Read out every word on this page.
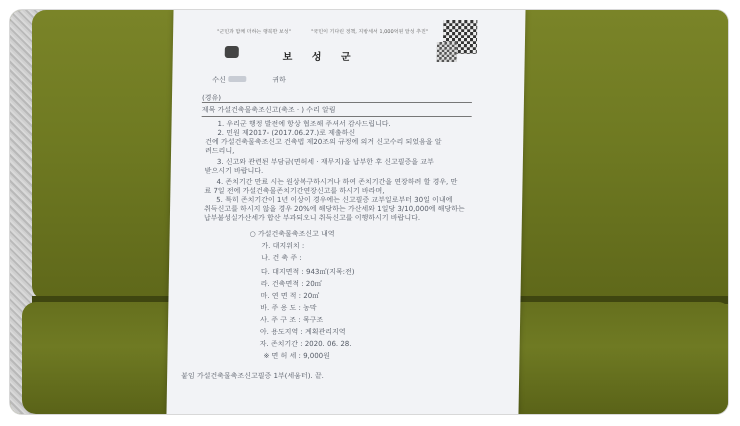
"군민과 함께 더하는 행복한 보성"	"국민이 기다린 정책, 지방세서 1,000억원 달성 추진"
보 성 군
수신	귀하
(경유)
제목 가설건축물축조신고(축조 · ) 수리 알림
1. 우리군 행정 발전에 항상 협조해 주셔서 감사드립니다.
2. 민원 제2017- (2017.06.27.)로 제출하신
건에 가설건축물축조신고 건축법 제20조의 규정에 의거 신고수리 되었음을 알
려드리니,
3. 신고와 관련된 부담금(면허세 · 재무지)을 납부한 후 신고필증을 교부
받으시기 바랍니다.
4. 존치기간 만료 시는 원상복구하시거나 하여 존치기간을 연장하려 할 경우, 만
료 7일 전에 가설건축물존치기간연장신고를 하시기 바라며,
5. 특히 존치기간이 1년 이상이 경우에는 신고필증 교부일로부터 30일 이내에
취득신고를 하시지 않을 경우 20%에 해당하는 가산세와 1일당 3/10,000에 해당하는
납부불성실가산세가 합산 부과되오니 취득신고를 이행하시기 바랍니다.
○ 가설건축물축조신고 내역
가. 대지위치 :
나. 건 축 주 :
다. 대지면적 : 943㎡(지목:전)
라. 건축면적 : 20㎡
마. 연 면 적 : 20㎡
바. 주 용 도 : 농막
사. 주 구 조 : 목구조
아. 용도지역 : 계획관리지역
자. 존치기간 : 2020. 06. 28.
※ 면 허 세 : 9,000원
붙임 가설건축물축조신고필증 1부(세움터). 끝.
